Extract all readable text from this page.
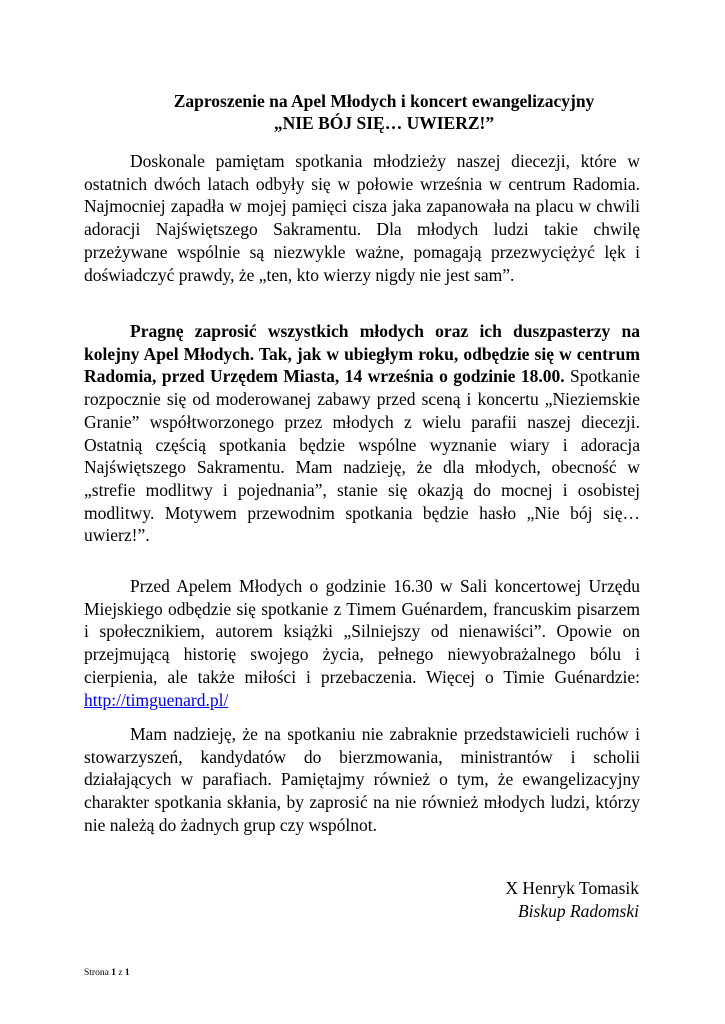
Zaproszenie na Apel Młodych i koncert ewangelizacyjny
„NIE BÓJ SIĘ… UWIERZ!”

Doskonale pamiętam spotkania młodzieży naszej diecezji, które w ostatnich dwóch latach odbyły się w połowie września w centrum Radomia. Najmocniej zapadła w mojej pamięci cisza jaka zapanowała na placu w chwili adoracji Najświętszego Sakramentu. Dla młodych ludzi takie chwilę przeżywane wspólnie są niezwykle ważne, pomagają przezwyciężyć lęk i doświadczyć prawdy, że „ten, kto wierzy nigdy nie jest sam”.

Pragnę zaprosić wszystkich młodych oraz ich duszpasterzy na kolejny Apel Młodych. Tak, jak w ubiegłym roku, odbędzie się w centrum Radomia, przed Urzędem Miasta, 14 września o godzinie 18.00. Spotkanie rozpocznie się od moderowanej zabawy przed sceną i koncertu „Nieziemskie Granie” współtworzonego przez młodych z wielu parafii naszej diecezji. Ostatnią częścią spotkania będzie wspólne wyznanie wiary i adoracja Najświętszego Sakramentu. Mam nadzieję, że dla młodych, obecność w „strefie modlitwy i pojednania”, stanie się okazją do mocnej i osobistej modlitwy. Motywem przewodnim spotkania będzie hasło „Nie bój się… uwierz!”.

Przed Apelem Młodych o godzinie 16.30 w Sali koncertowej Urzędu Miejskiego odbędzie się spotkanie z Timem Guénardem, francuskim pisarzem i społecznikiem, autorem książki „Silniejszy od nienawiści”. Opowie on przejmującą historię swojego życia, pełnego niewyobrażalnego bólu i cierpienia, ale także miłości i przebaczenia. Więcej o Timie Guénardzie: http://timguenard.pl/

Mam nadzieję, że na spotkaniu nie zabraknie przedstawicieli ruchów i stowarzyszeń, kandydatów do bierzmowania, ministrantów i scholii działających w parafiach. Pamiętajmy również o tym, że ewangelizacyjny charakter spotkania skłania, by zaprosić na nie również młodych ludzi, którzy nie należą do żadnych grup czy wspólnot.

X Henryk Tomasik
Biskup Radomski
Strona 1 z 1
